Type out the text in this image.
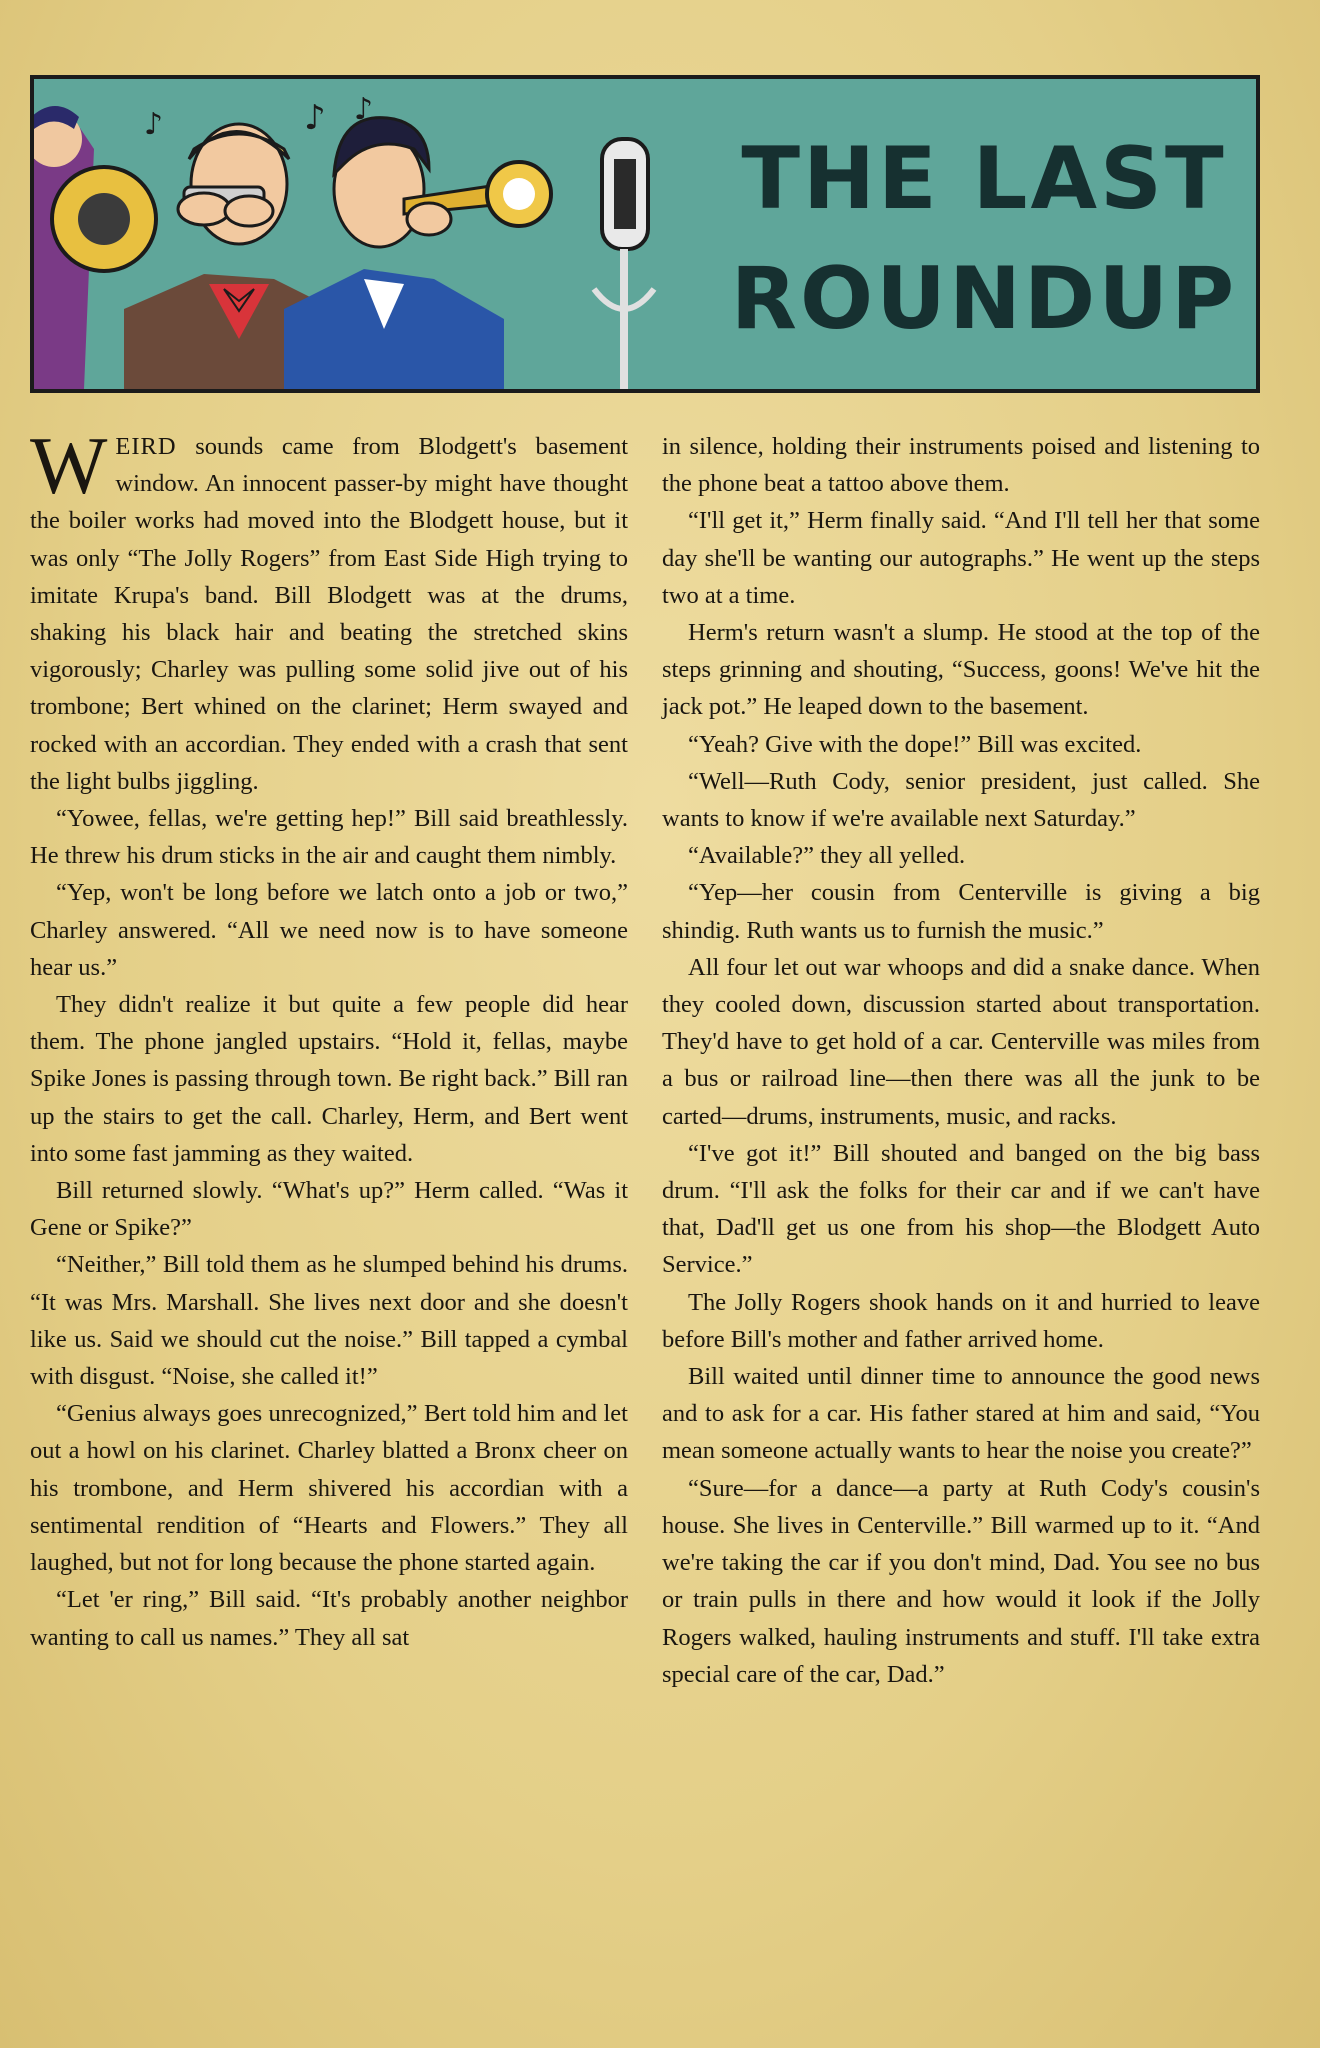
♪ ♪
♪
THE LAST
ROUNDUP

WEIRD sounds came from Blodgett's basement window. An innocent passer-by might have thought the boiler works had moved into the Blodgett house, but it was only “The Jolly Rogers” from East Side High trying to imitate Krupa's band. Bill Blodgett was at the drums, shaking his black hair and beating the stretched skins vigorously; Charley was pulling some solid jive out of his trombone; Bert whined on the clarinet; Herm swayed and rocked with an accordian. They ended with a crash that sent the light bulbs jiggling.

“Yowee, fellas, we're getting hep!” Bill said breathlessly. He threw his drum sticks in the air and caught them nimbly.

“Yep, won't be long before we latch onto a job or two,” Charley answered. “All we need now is to have someone hear us.”

They didn't realize it but quite a few people did hear them. The phone jangled upstairs. “Hold it, fellas, maybe Spike Jones is passing through town. Be right back.” Bill ran up the stairs to get the call. Charley, Herm, and Bert went into some fast jamming as they waited.

Bill returned slowly. “What's up?” Herm called. “Was it Gene or Spike?”

“Neither,” Bill told them as he slumped behind his drums. “It was Mrs. Marshall. She lives next door and she doesn't like us. Said we should cut the noise.” Bill tapped a cymbal with disgust. “Noise, she called it!”

“Genius always goes unrecognized,” Bert told him and let out a howl on his clarinet. Charley blatted a Bronx cheer on his trombone, and Herm shivered his accordian with a sentimental rendition of “Hearts and Flowers.” They all laughed, but not for long because the phone started again.

“Let 'er ring,” Bill said. “It's probably another neighbor wanting to call us names.” They all sat

in silence, holding their instruments poised and listening to the phone beat a tattoo above them.

“I'll get it,” Herm finally said. “And I'll tell her that some day she'll be wanting our autographs.” He went up the steps two at a time.

Herm's return wasn't a slump. He stood at the top of the steps grinning and shouting, “Success, goons! We've hit the jack pot.” He leaped down to the basement.

“Yeah? Give with the dope!” Bill was excited.

“Well—Ruth Cody, senior president, just called. She wants to know if we're available next Saturday.”

“Available?” they all yelled.

“Yep—her cousin from Centerville is giving a big shindig. Ruth wants us to furnish the music.”

All four let out war whoops and did a snake dance. When they cooled down, discussion started about transportation. They'd have to get hold of a car. Centerville was miles from a bus or railroad line—then there was all the junk to be carted—drums, instruments, music, and racks.

“I've got it!” Bill shouted and banged on the big bass drum. “I'll ask the folks for their car and if we can't have that, Dad'll get us one from his shop—the Blodgett Auto Service.”

The Jolly Rogers shook hands on it and hurried to leave before Bill's mother and father arrived home.

Bill waited until dinner time to announce the good news and to ask for a car. His father stared at him and said, “You mean someone actually wants to hear the noise you create?”

“Sure—for a dance—a party at Ruth Cody's cousin's house. She lives in Centerville.” Bill warmed up to it. “And we're taking the car if you don't mind, Dad. You see no bus or train pulls in there and how would it look if the Jolly Rogers walked, hauling instruments and stuff. I'll take extra special care of the car, Dad.”
